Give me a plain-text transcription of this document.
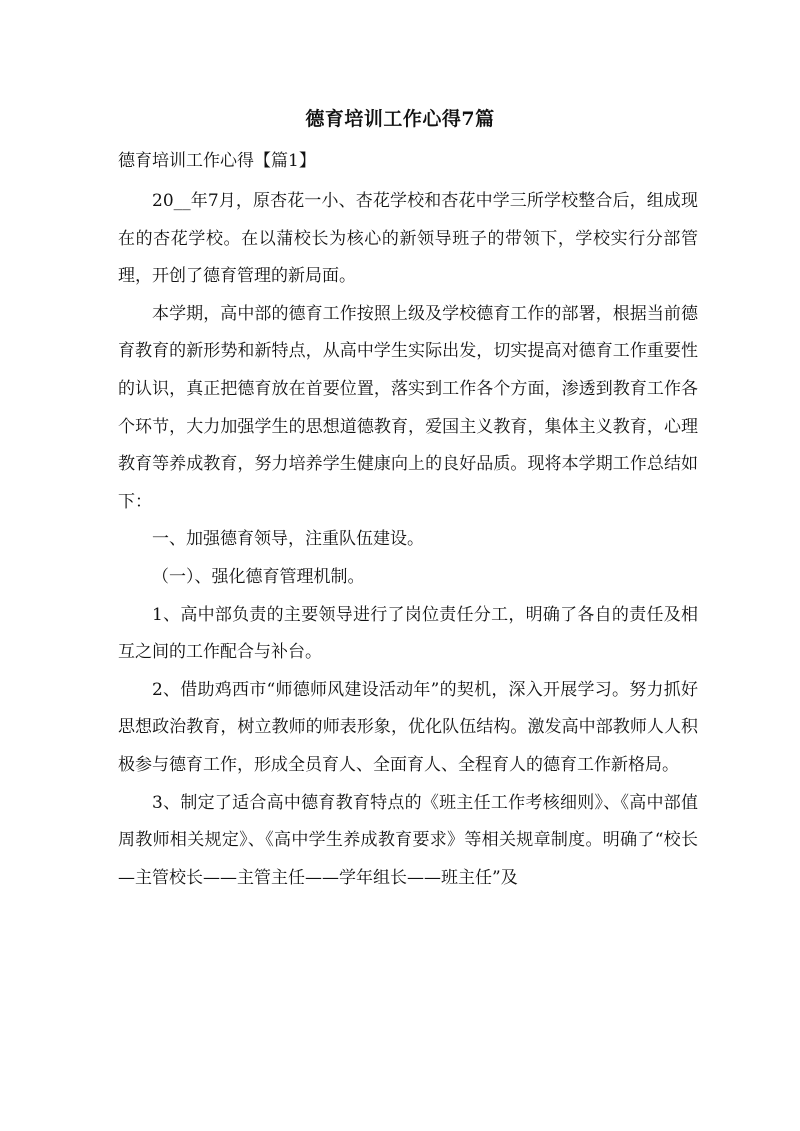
德育培训工作心得7篇
德育培训工作心得【篇1】

20__年7月，原杏花一小、杏花学校和杏花中学三所学校整合后，组成现在的杏花学校。在以蒲校长为核心的新领导班子的带领下，学校实行分部管理，开创了德育管理的新局面。

本学期，高中部的德育工作按照上级及学校德育工作的部署，根据当前德育教育的新形势和新特点，从高中学生实际出发，切实提高对德育工作重要性的认识，真正把德育放在首要位置，落实到工作各个方面，渗透到教育工作各个环节，大力加强学生的思想道德教育，爱国主义教育，集体主义教育，心理教育等养成教育，努力培养学生健康向上的良好品质。现将本学期工作总结如下：

一、加强德育领导，注重队伍建设。

（一）、强化德育管理机制。

1、高中部负责的主要领导进行了岗位责任分工，明确了各自的责任及相互之间的工作配合与补台。

2、借助鸡西市“师德师风建设活动年”的契机，深入开展学习。努力抓好思想政治教育，树立教师的师表形象，优化队伍结构。激发高中部教师人人积极参与德育工作，形成全员育人、全面育人、全程育人的德育工作新格局。

3、制定了适合高中德育教育特点的《班主任工作考核细则》、《高中部值周教师相关规定》、《高中学生养成教育要求》等相关规章制度。明确了“校长—主管校长——主管主任——学年组长——班主任”及
